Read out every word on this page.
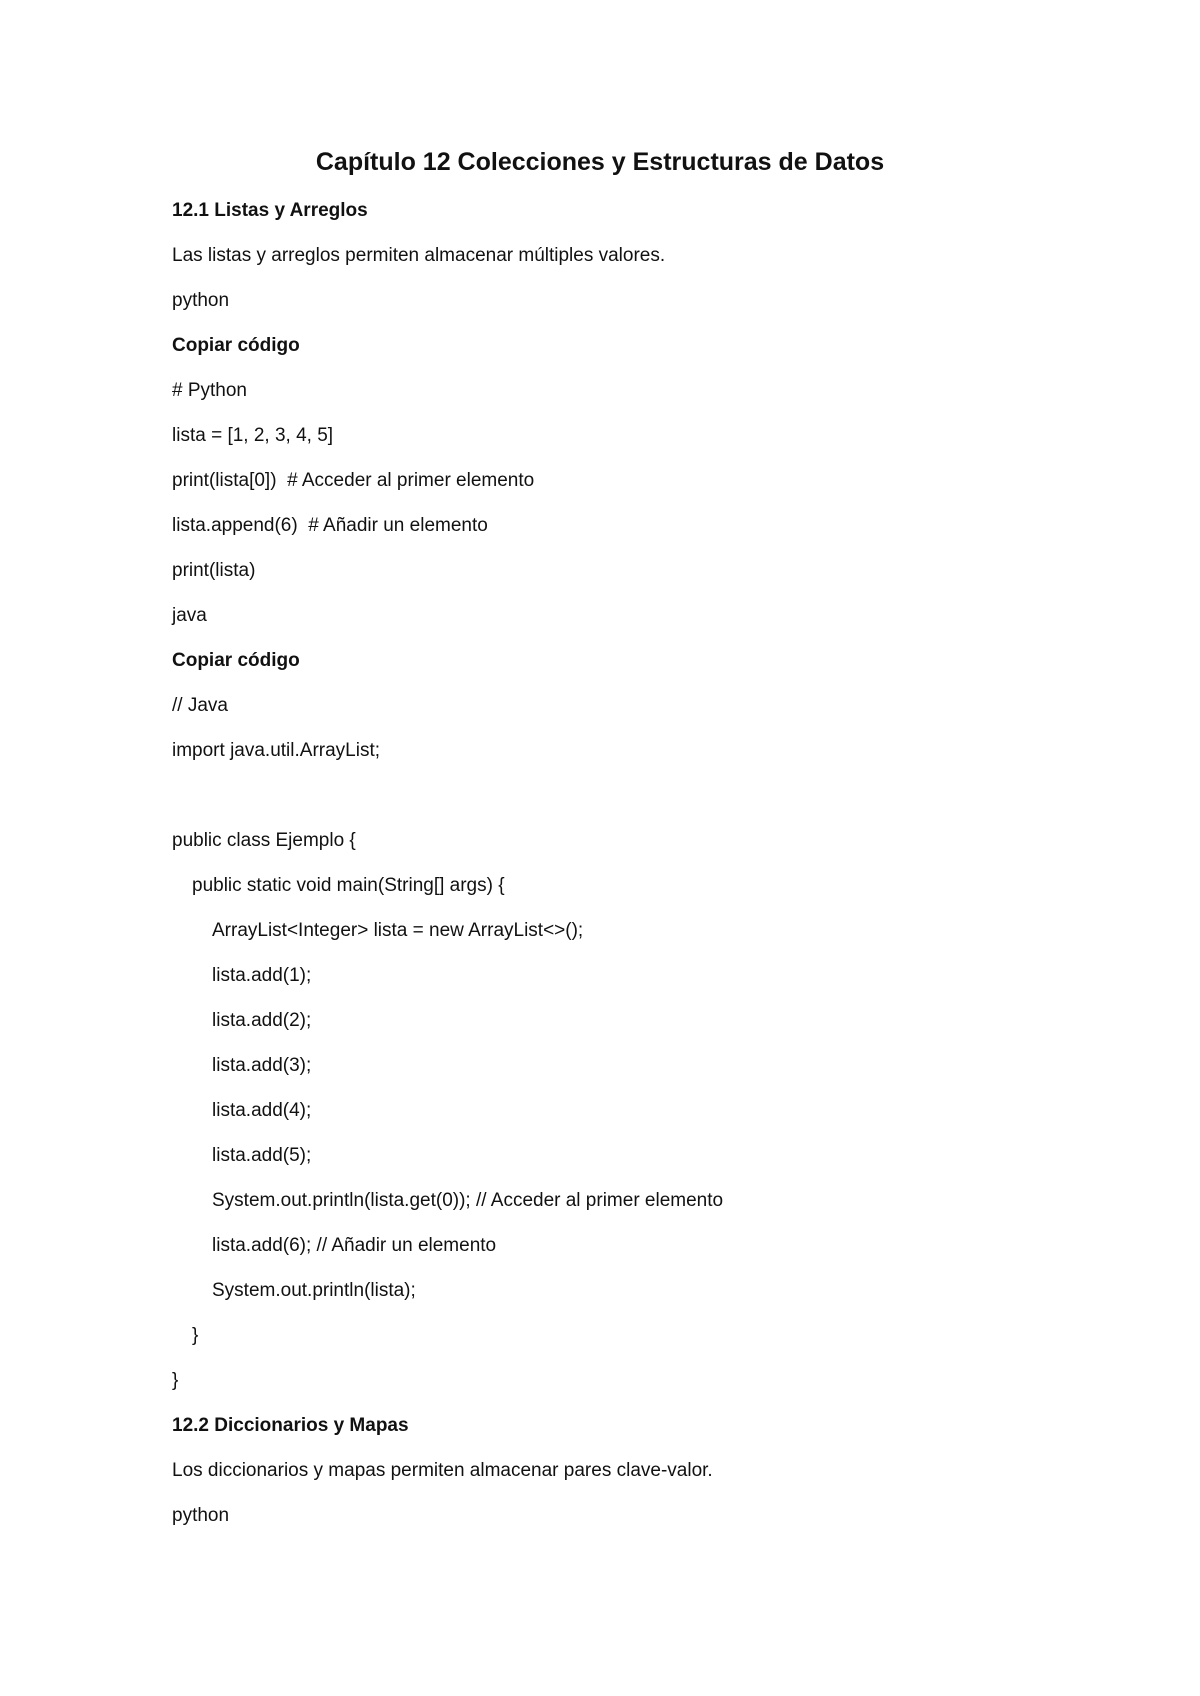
Capítulo 12 Colecciones y Estructuras de Datos

12.1 Listas y Arreglos

Las listas y arreglos permiten almacenar múltiples valores.

python

Copiar código

# Python

lista = [1, 2, 3, 4, 5]

print(lista[0])  # Acceder al primer elemento

lista.append(6)  # Añadir un elemento

print(lista)

java

Copiar código

// Java

import java.util.ArrayList;

public class Ejemplo {

public static void main(String[] args) {

ArrayList<Integer> lista = new ArrayList<>();

lista.add(1);

lista.add(2);

lista.add(3);

lista.add(4);

lista.add(5);

System.out.println(lista.get(0)); // Acceder al primer elemento

lista.add(6); // Añadir un elemento

System.out.println(lista);

}

}

12.2 Diccionarios y Mapas

Los diccionarios y mapas permiten almacenar pares clave-valor.

python
